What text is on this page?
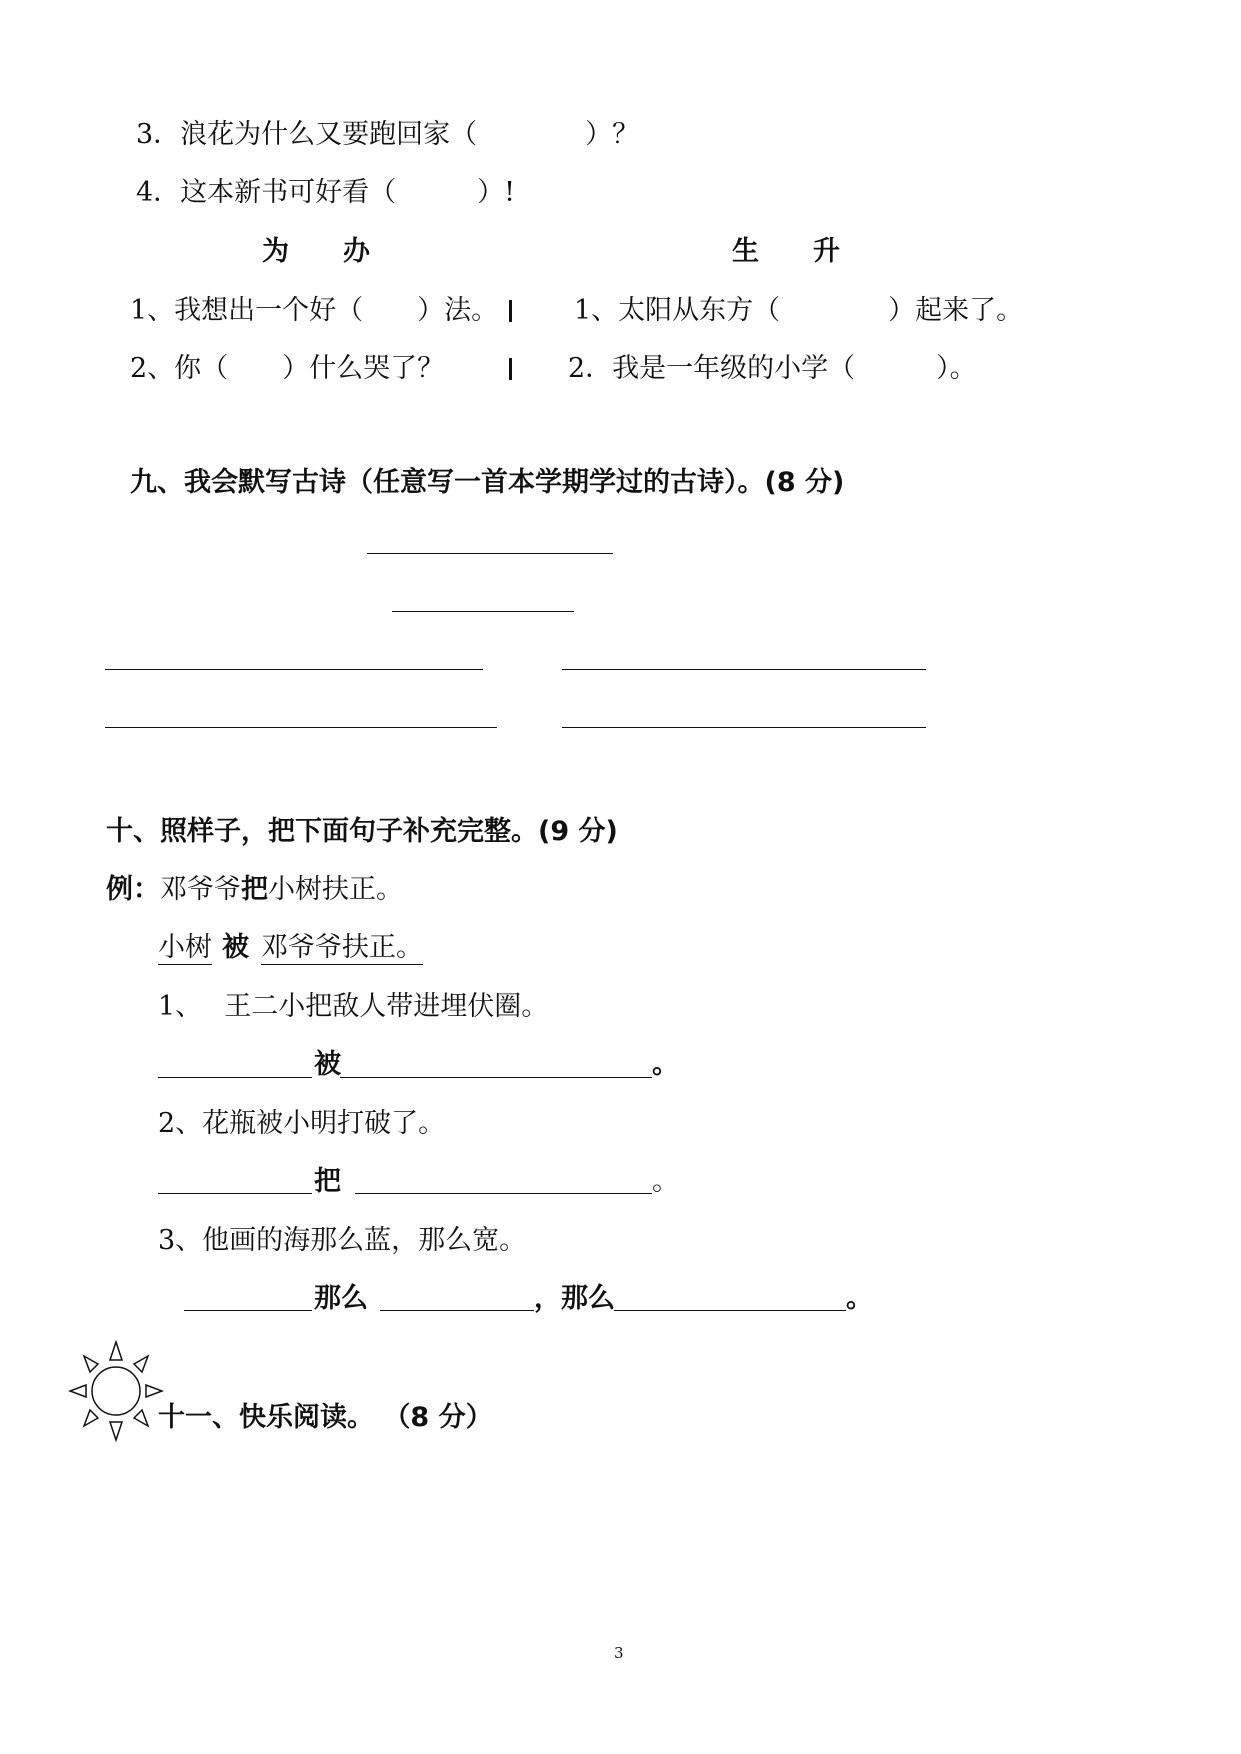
3．浪花为什么又要跑回家（　　　　）？
4．这本新书可好看（　　　）!
为　　办	生　　升
1、我想出一个好（　　）法。	1、太阳从东方（　　　　）起来了。
2、你（　　）什么哭了？	2．我是一年级的小学（　　　）。
九、我会默写古诗（任意写一首本学期学过的古诗）。(8 分)
十、照样子，把下面句子补充完整。(9 分)
例：邓爷爷把小树扶正。
小树 被 邓爷爷扶正。
1、　 王二小把敌人带进埋伏圈。
被	。
2、花瓶被小明打破了。
把	。
3、他画的海那么蓝，那么宽。
那么	，那么	。
十一、快乐阅读。 （8 分）
3
